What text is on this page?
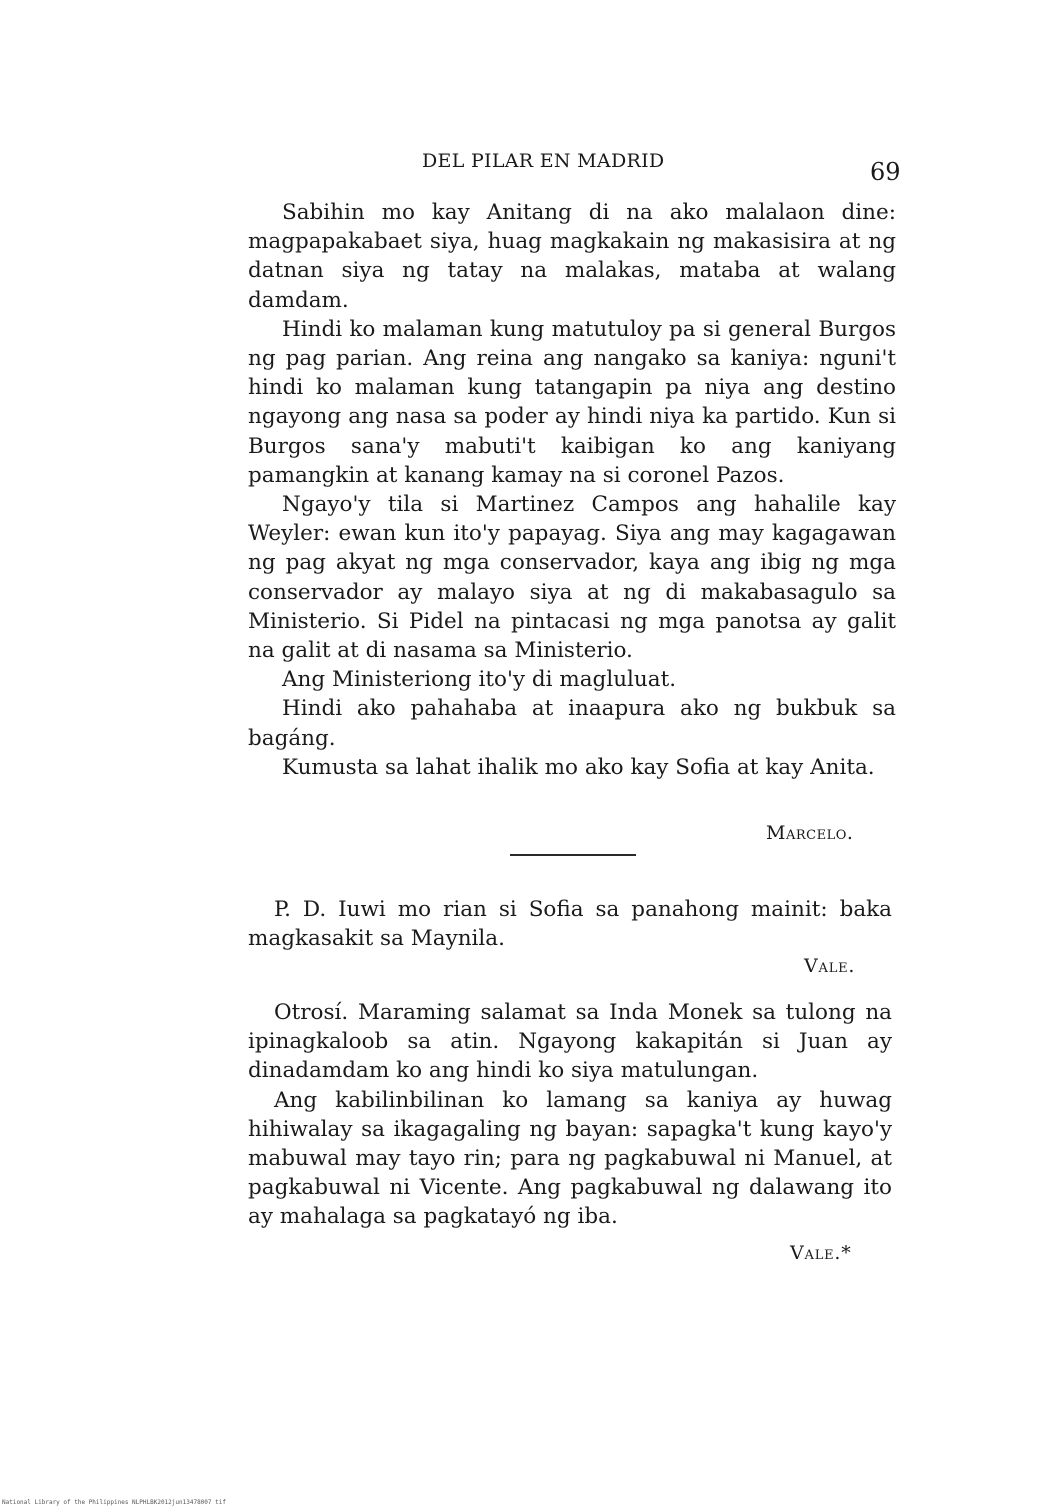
DEL PILAR EN MADRID	69

Sabihin mo kay Anitang di na ako malalaon dine: magpapakabaet siya, huag magkakain ng makasisira at ng datnan siya ng tatay na malakas, mataba at walang damdam.

Hindi ko malaman kung matutuloy pa si general Burgos ng pag parian. Ang reina ang nangako sa kaniya: nguni't hindi ko malaman kung tatangapin pa niya ang destino ngayong ang nasa sa poder ay hindi niya ka partido. Kun si Burgos sana'y mabuti't kaibigan ko ang kaniyang pamangkin at kanang kamay na si coronel Pazos.

Ngayo'y tila si Martinez Campos ang hahalile kay Weyler: ewan kun ito'y papayag. Siya ang may kagagawan ng pag akyat ng mga conservador, kaya ang ibig ng mga conservador ay malayo siya at ng di makabasagulo sa Ministerio. Si Pidel na pintacasi ng mga panotsa ay galit na galit at di nasama sa Ministerio.

Ang Ministeriong ito'y di magluluat.

Hindi ako pahahaba at inaapura ako ng bukbuk sa bagáng.

Kumusta sa lahat ihalik mo ako kay Sofia at kay Anita.

Marcelo.

P. D. Iuwi mo rian si Sofia sa panahong mainit: baka magkasakit sa Maynila.

Vale.

Otrosí. Maraming salamat sa Inda Monek sa tulong na ipinagkaloob sa atin. Ngayong kakapitán si Juan ay dinadamdam ko ang hindi ko siya matulungan.

Ang kabilinbilinan ko lamang sa kaniya ay huwag hihiwalay sa ikagagaling ng bayan: sapagka't kung kayo'y mabuwal may tayo rin; para ng pagkabuwal ni Manuel, at pagkabuwal ni Vicente. Ang pagkabuwal ng dalawang ito ay mahalaga sa pagkatayó ng iba.

Vale.*
National Library of the Philippines NLPHLBK2012jun13478007 tif
